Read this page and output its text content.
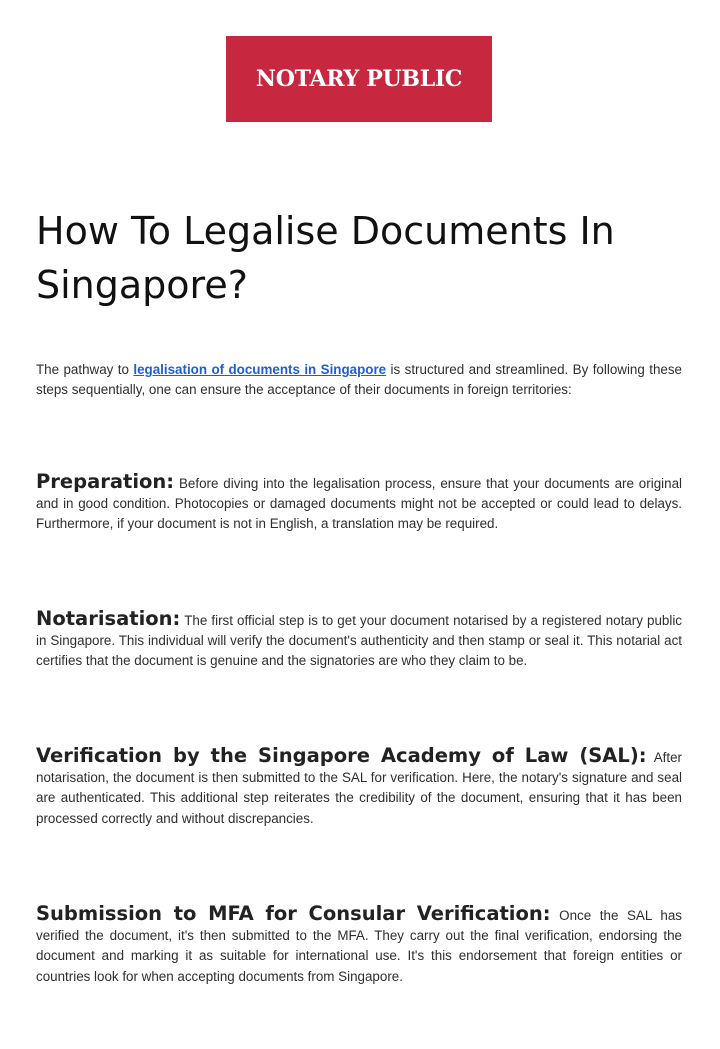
NOTARY PUBLIC
How To Legalise Documents In Singapore?

The pathway to legalisation of documents in Singapore is structured and streamlined. By following these steps sequentially, one can ensure the acceptance of their documents in foreign territories:

Preparation: Before diving into the legalisation process, ensure that your documents are original and in good condition. Photocopies or damaged documents might not be accepted or could lead to delays. Furthermore, if your document is not in English, a translation may be required.

Notarisation: The first official step is to get your document notarised by a registered notary public in Singapore. This individual will verify the document's authenticity and then stamp or seal it. This notarial act certifies that the document is genuine and the signatories are who they claim to be.

Verification by the Singapore Academy of Law (SAL): After notarisation, the document is then submitted to the SAL for verification. Here, the notary's signature and seal are authenticated. This additional step reiterates the credibility of the document, ensuring that it has been processed correctly and without discrepancies.

Submission to MFA for Consular Verification: Once the SAL has verified the document, it's then submitted to the MFA. They carry out the final verification, endorsing the document and marking it as suitable for international use. It's this endorsement that foreign entities or countries look for when accepting documents from Singapore.
